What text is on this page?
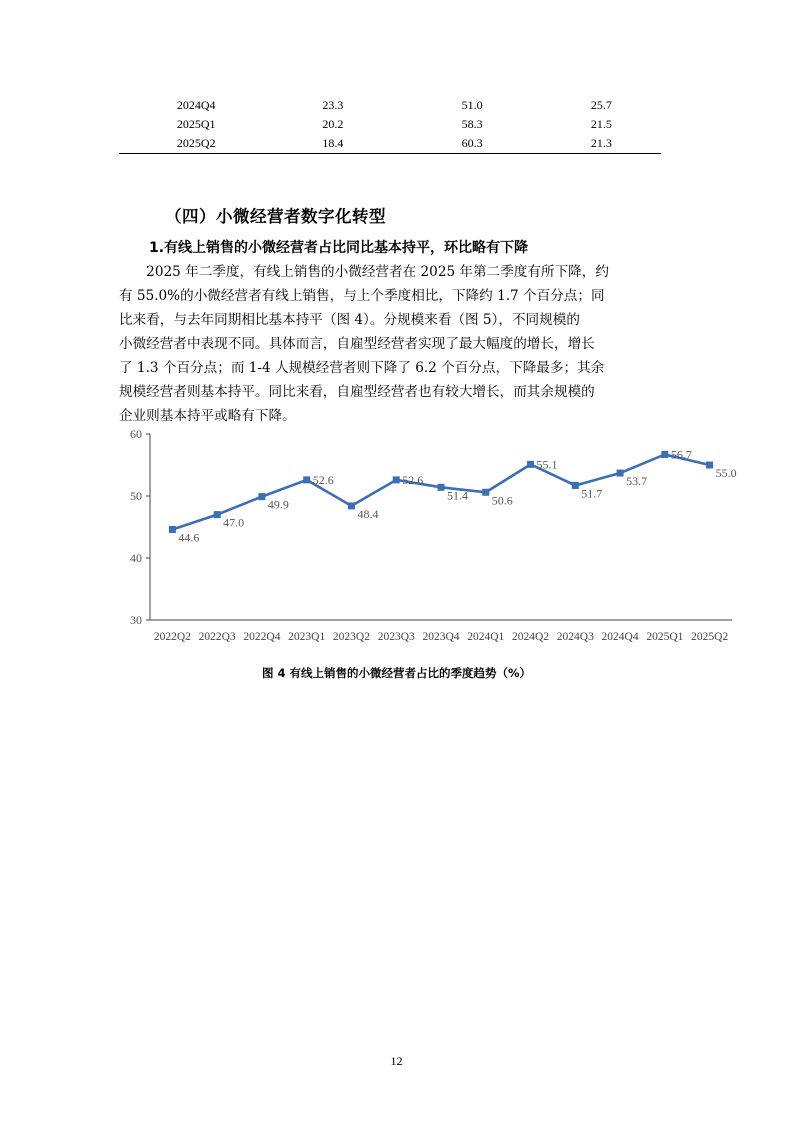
2024Q4	23.3	51.0	25.7
2025Q1	20.2	58.3	21.5
2025Q2	18.4	60.3	21.3
（四）小微经营者数字化转型
1.有线上销售的小微经营者占比同比基本持平，环比略有下降
　　2025 年二季度，有线上销售的小微经营者在 2025 年第二季度有所下降，约
有 55.0%的小微经营者有线上销售，与上个季度相比，下降约 1.7 个百分点；同
比来看，与去年同期相比基本持平（图 4）。分规模来看（图 5），不同规模的
小微经营者中表现不同。具体而言，自雇型经营者实现了最大幅度的增长，增长
了 1.3 个百分点；而 1-4 人规模经营者则下降了 6.2 个百分点，下降最多；其余
规模经营者则基本持平。同比来看，自雇型经营者也有较大增长，而其余规模的
企业则基本持平或略有下降。
30
40
50
60
2022Q2 2022Q3 2022Q4 2023Q1 2023Q2 2023Q3 2023Q4 2024Q1 2024Q2 2024Q3 2024Q4 2025Q1 2025Q2
44.6
47.0
49.9
52.6
48.4
52.6
51.4 50.6
55.1
51.7
53.7
56.7
55.0
图 4 有线上销售的小微经营者占比的季度趋势（%）
12
